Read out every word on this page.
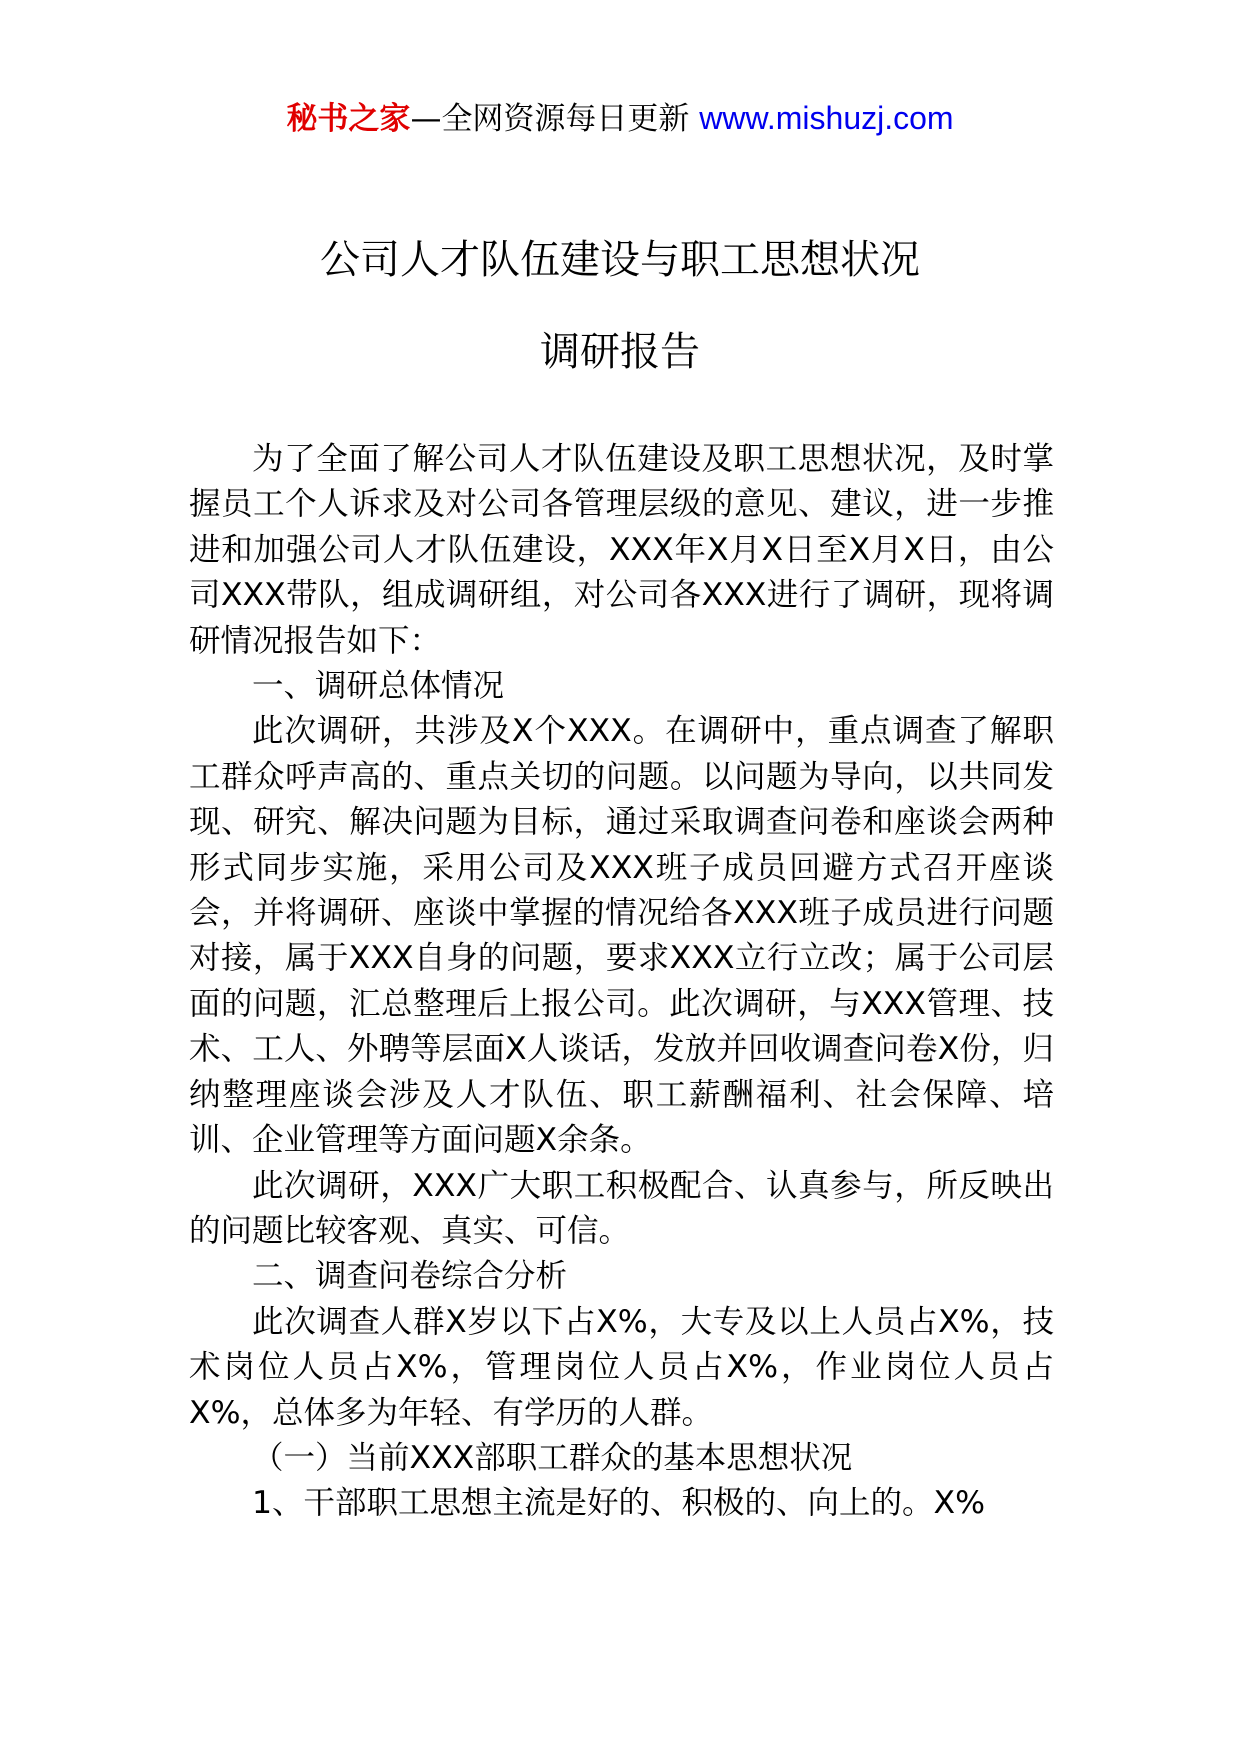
秘书之家—全网资源每日更新 www.mishuzj.com
公司人才队伍建设与职工思想状况
调研报告

为了全面了解公司人才队伍建设及职工思想状况，及时掌握员工个人诉求及对公司各管理层级的意见、建议，进一步推进和加强公司人才队伍建设，XXX年X月X日至X月X日，由公司XXX带队，组成调研组，对公司各XXX进行了调研，现将调研情况报告如下：

一、调研总体情况

此次调研，共涉及X个XXX。在调研中，重点调查了解职工群众呼声高的、重点关切的问题。以问题为导向，以共同发现、研究、解决问题为目标，通过采取调查问卷和座谈会两种形式同步实施，采用公司及XXX班子成员回避方式召开座谈会，并将调研、座谈中掌握的情况给各XXX班子成员进行问题对接，属于XXX自身的问题，要求XXX立行立改；属于公司层面的问题，汇总整理后上报公司。此次调研，与XXX管理、技术、工人、外聘等层面X人谈话，发放并回收调查问卷X份，归纳整理座谈会涉及人才队伍、职工薪酬福利、社会保障、培训、企业管理等方面问题X余条。

此次调研，XXX广大职工积极配合、认真参与，所反映出的问题比较客观、真实、可信。

二、调查问卷综合分析

此次调查人群X岁以下占X%，大专及以上人员占X%，技术岗位人员占X%，管理岗位人员占X%，作业岗位人员占X%，总体多为年轻、有学历的人群。

（一）当前XXX部职工群众的基本思想状况

1、干部职工思想主流是好的、积极的、向上的。X%
